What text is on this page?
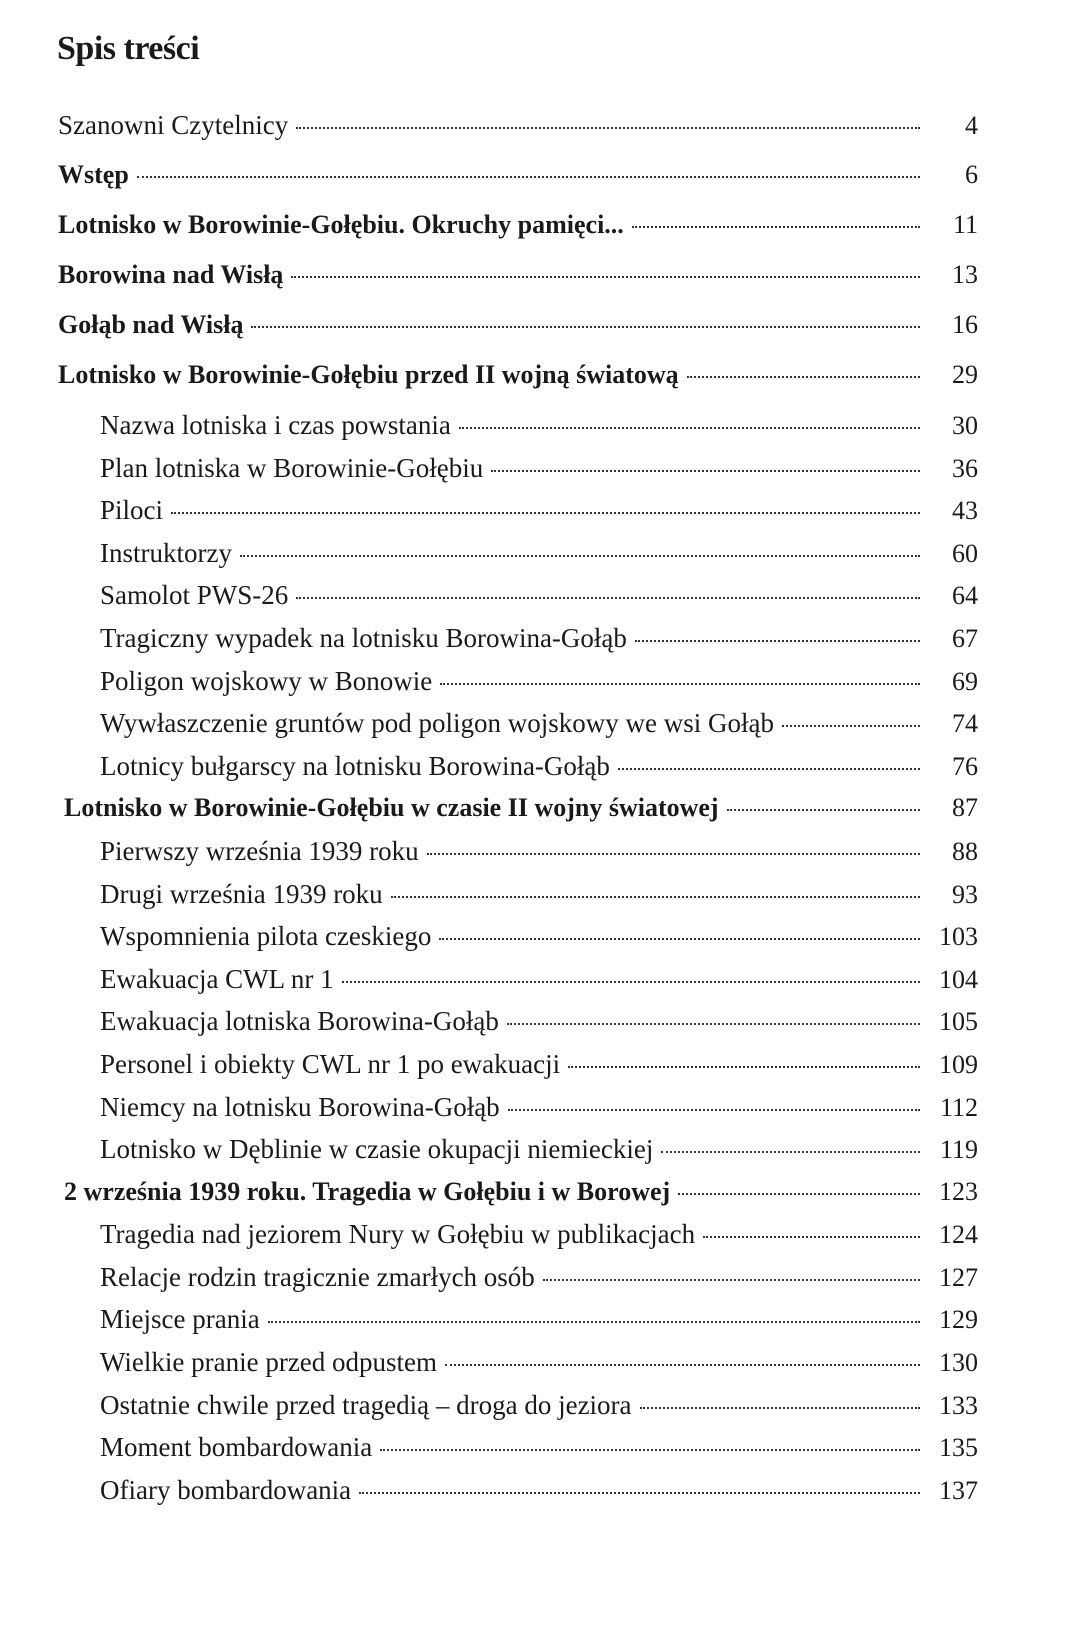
Spis treści
Szanowni Czytelnicy	4
Wstęp	6
Lotnisko w Borowinie-Gołębiu. Okruchy pamięci...	11
Borowina nad Wisłą	13
Gołąb nad Wisłą	16
Lotnisko w Borowinie-Gołębiu przed II wojną światową	29
Nazwa lotniska i czas powstania	30
Plan lotniska w Borowinie-Gołębiu	36
Piloci	43
Instruktorzy	60
Samolot PWS-26	64
Tragiczny wypadek na lotnisku Borowina-Gołąb	67
Poligon wojskowy w Bonowie	69
Wywłaszczenie gruntów pod poligon wojskowy we wsi Gołąb	74
Lotnicy bułgarscy na lotnisku Borowina-Gołąb	76
Lotnisko w Borowinie-Gołębiu w czasie II wojny światowej	87
Pierwszy września 1939 roku	88
Drugi września 1939 roku	93
Wspomnienia pilota czeskiego	103
Ewakuacja CWL nr 1	104
Ewakuacja lotniska Borowina-Gołąb	105
Personel i obiekty CWL nr 1 po ewakuacji	109
Niemcy na lotnisku Borowina-Gołąb	112
Lotnisko w Dęblinie w czasie okupacji niemieckiej	119
2 września 1939 roku. Tragedia w Gołębiu i w Borowej	123
Tragedia nad jeziorem Nury w Gołębiu w publikacjach	124
Relacje rodzin tragicznie zmarłych osób	127
Miejsce prania	129
Wielkie pranie przed odpustem	130
Ostatnie chwile przed tragedią – droga do jeziora	133
Moment bombardowania	135
Ofiary bombardowania	137
